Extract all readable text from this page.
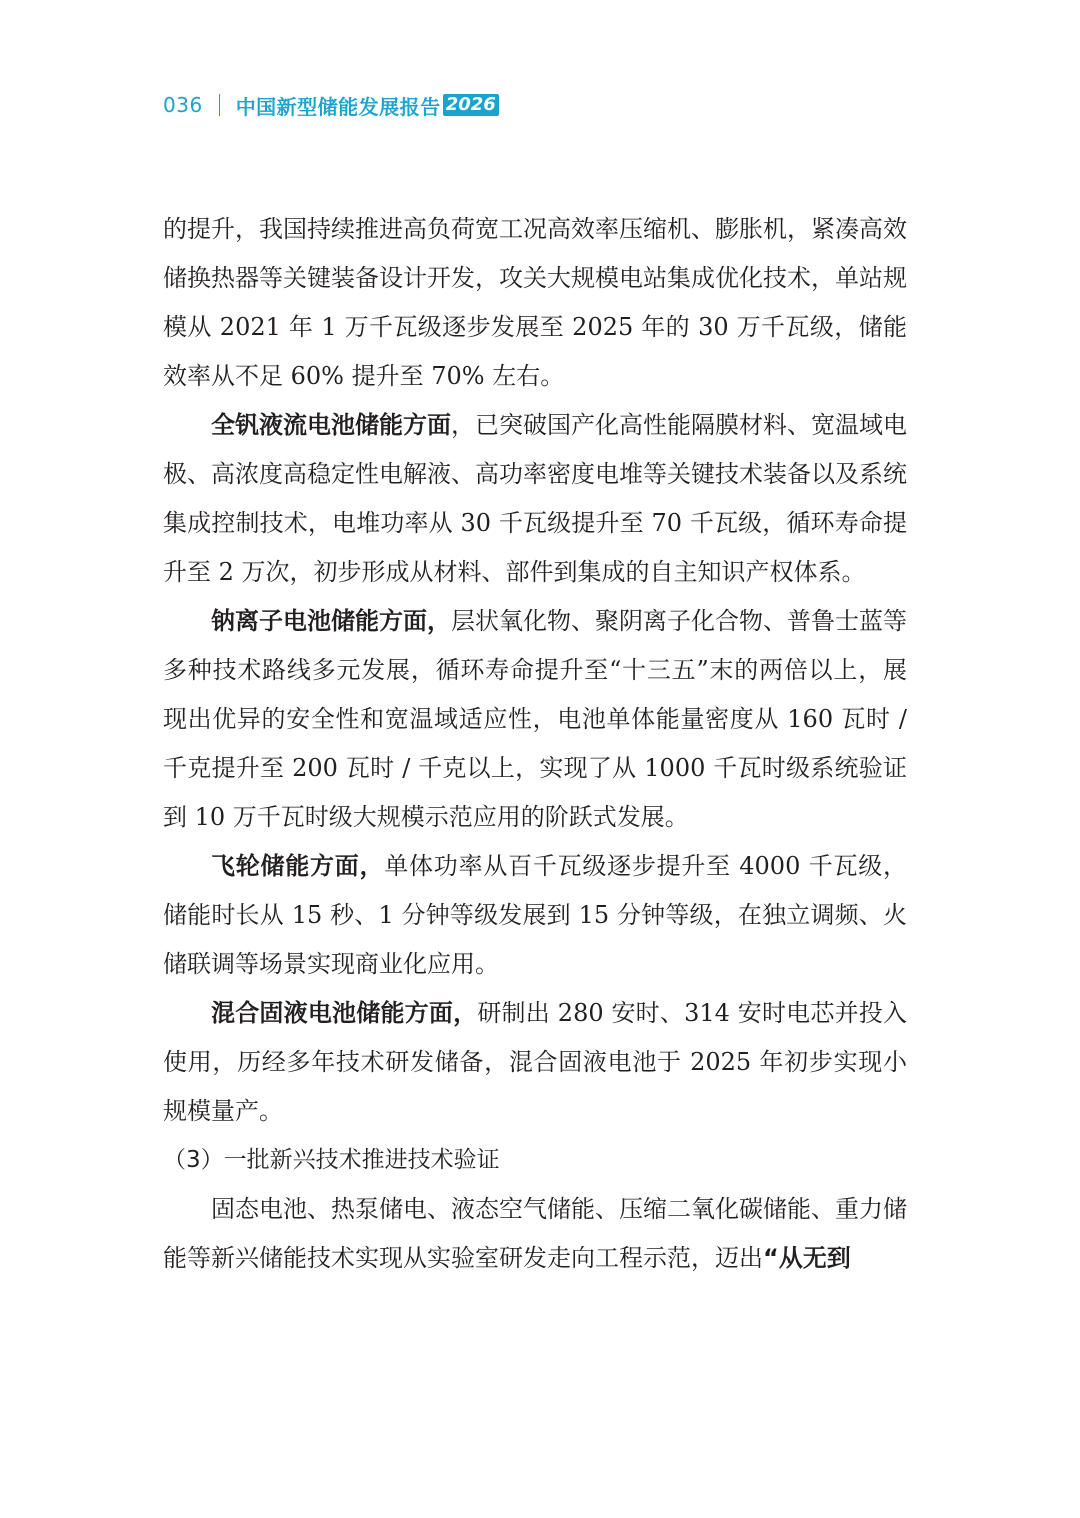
036 中国新型储能发展报告 2026

的提升，我国持续推进高负荷宽工况高效率压缩机、膨胀机，紧凑高效储换热器等关键装备设计开发，攻关大规模电站集成优化技术，单站规模从 2021 年 1 万千瓦级逐步发展至 2025 年的 30 万千瓦级，储能效率从不足 60% 提升至 70% 左右。

全钒液流电池储能方面，已突破国产化高性能隔膜材料、宽温域电极、高浓度高稳定性电解液、高功率密度电堆等关键技术装备以及系统集成控制技术，电堆功率从 30 千瓦级提升至 70 千瓦级，循环寿命提升至 2 万次，初步形成从材料、部件到集成的自主知识产权体系。

钠离子电池储能方面，层状氧化物、聚阴离子化合物、普鲁士蓝等多种技术路线多元发展，循环寿命提升至“十三五”末的两倍以上，展现出优异的安全性和宽温域适应性，电池单体能量密度从 160 瓦时 / 千克提升至 200 瓦时 / 千克以上，实现了从 1000 千瓦时级系统验证到 10 万千瓦时级大规模示范应用的阶跃式发展。

飞轮储能方面，单体功率从百千瓦级逐步提升至 4000 千瓦级，储能时长从 15 秒、1 分钟等级发展到 15 分钟等级，在独立调频、火储联调等场景实现商业化应用。

混合固液电池储能方面，研制出 280 安时、314 安时电芯并投入使用，历经多年技术研发储备，混合固液电池于 2025 年初步实现小规模量产。

（3）一批新兴技术推进技术验证

固态电池、热泵储电、液态空气储能、压缩二氧化碳储能、重力储能等新兴储能技术实现从实验室研发走向工程示范，迈出“从无到
